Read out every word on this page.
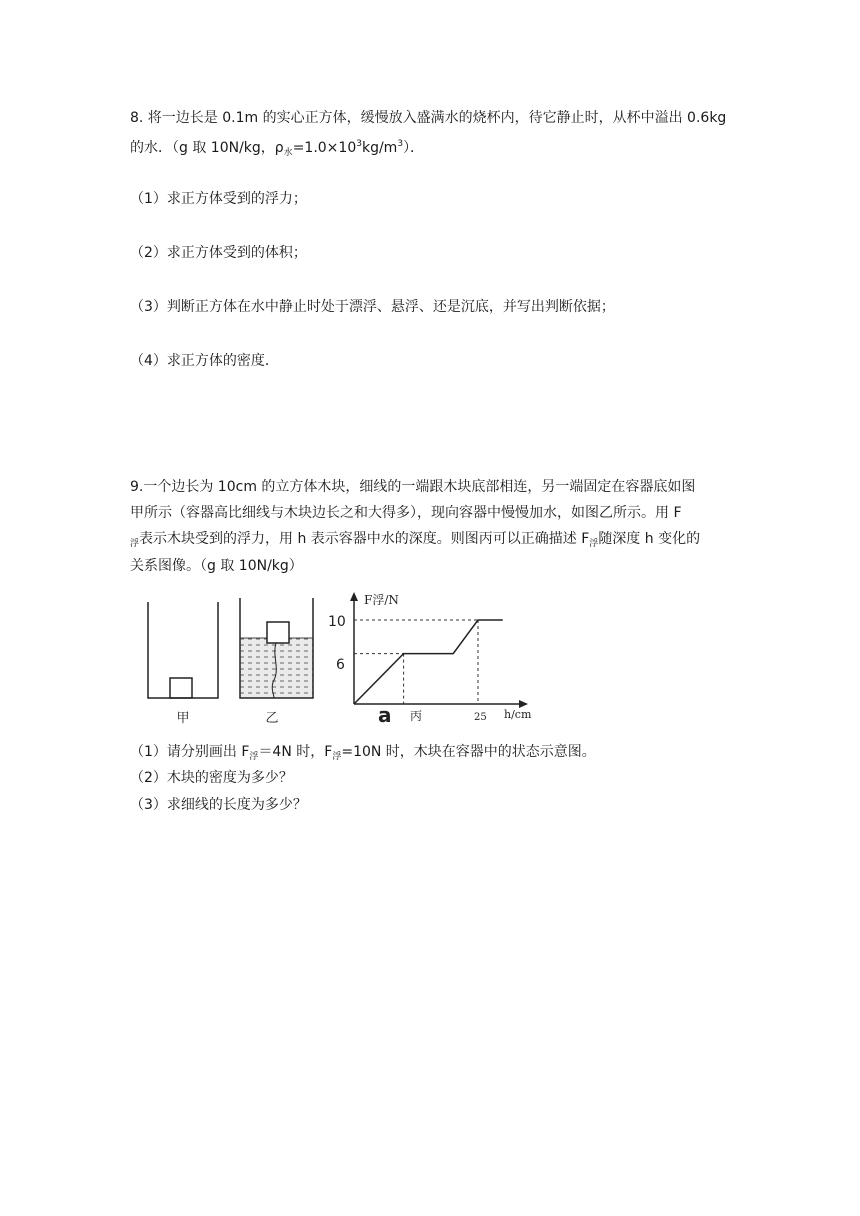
8. 将一边长是 0.1m 的实心正方体，缓慢放入盛满水的烧杯内，待它静止时，从杯中溢出 0.6kg
的水．（g 取 10N/kg，$\rho_水=1.0\times 10^3kg/m^3$）．
（1）求正方体受到的浮力；
（2）求正方体受到的体积；
（3）判断正方体在水中静止时处于漂浮、悬浮、还是沉底，并写出判断依据；
（4）求正方体的密度．
9.一个边长为 10cm 的立方体木块，细线的一端跟木块底部相连，另一端固定在容器底如图
甲所示（容器高比细线与木块边长之和大得多），现向容器中慢慢加水，如图乙所示。用 F
$_浮$表示木块受到的浮力，用 h 表示容器中水的深度。则图丙可以正确描述 $F_浮$随深度 h 变化的
关系图像。（g 取 10N/kg）
甲	乙
F浮/N
h/cm
10
6
25
a 丙
（1）请分别画出 $F_浮=4N$ 时，$F_浮=10N$ 时，木块在容器中的状态示意图。
（2）木块的密度为多少？
（3）求细线的长度为多少？
